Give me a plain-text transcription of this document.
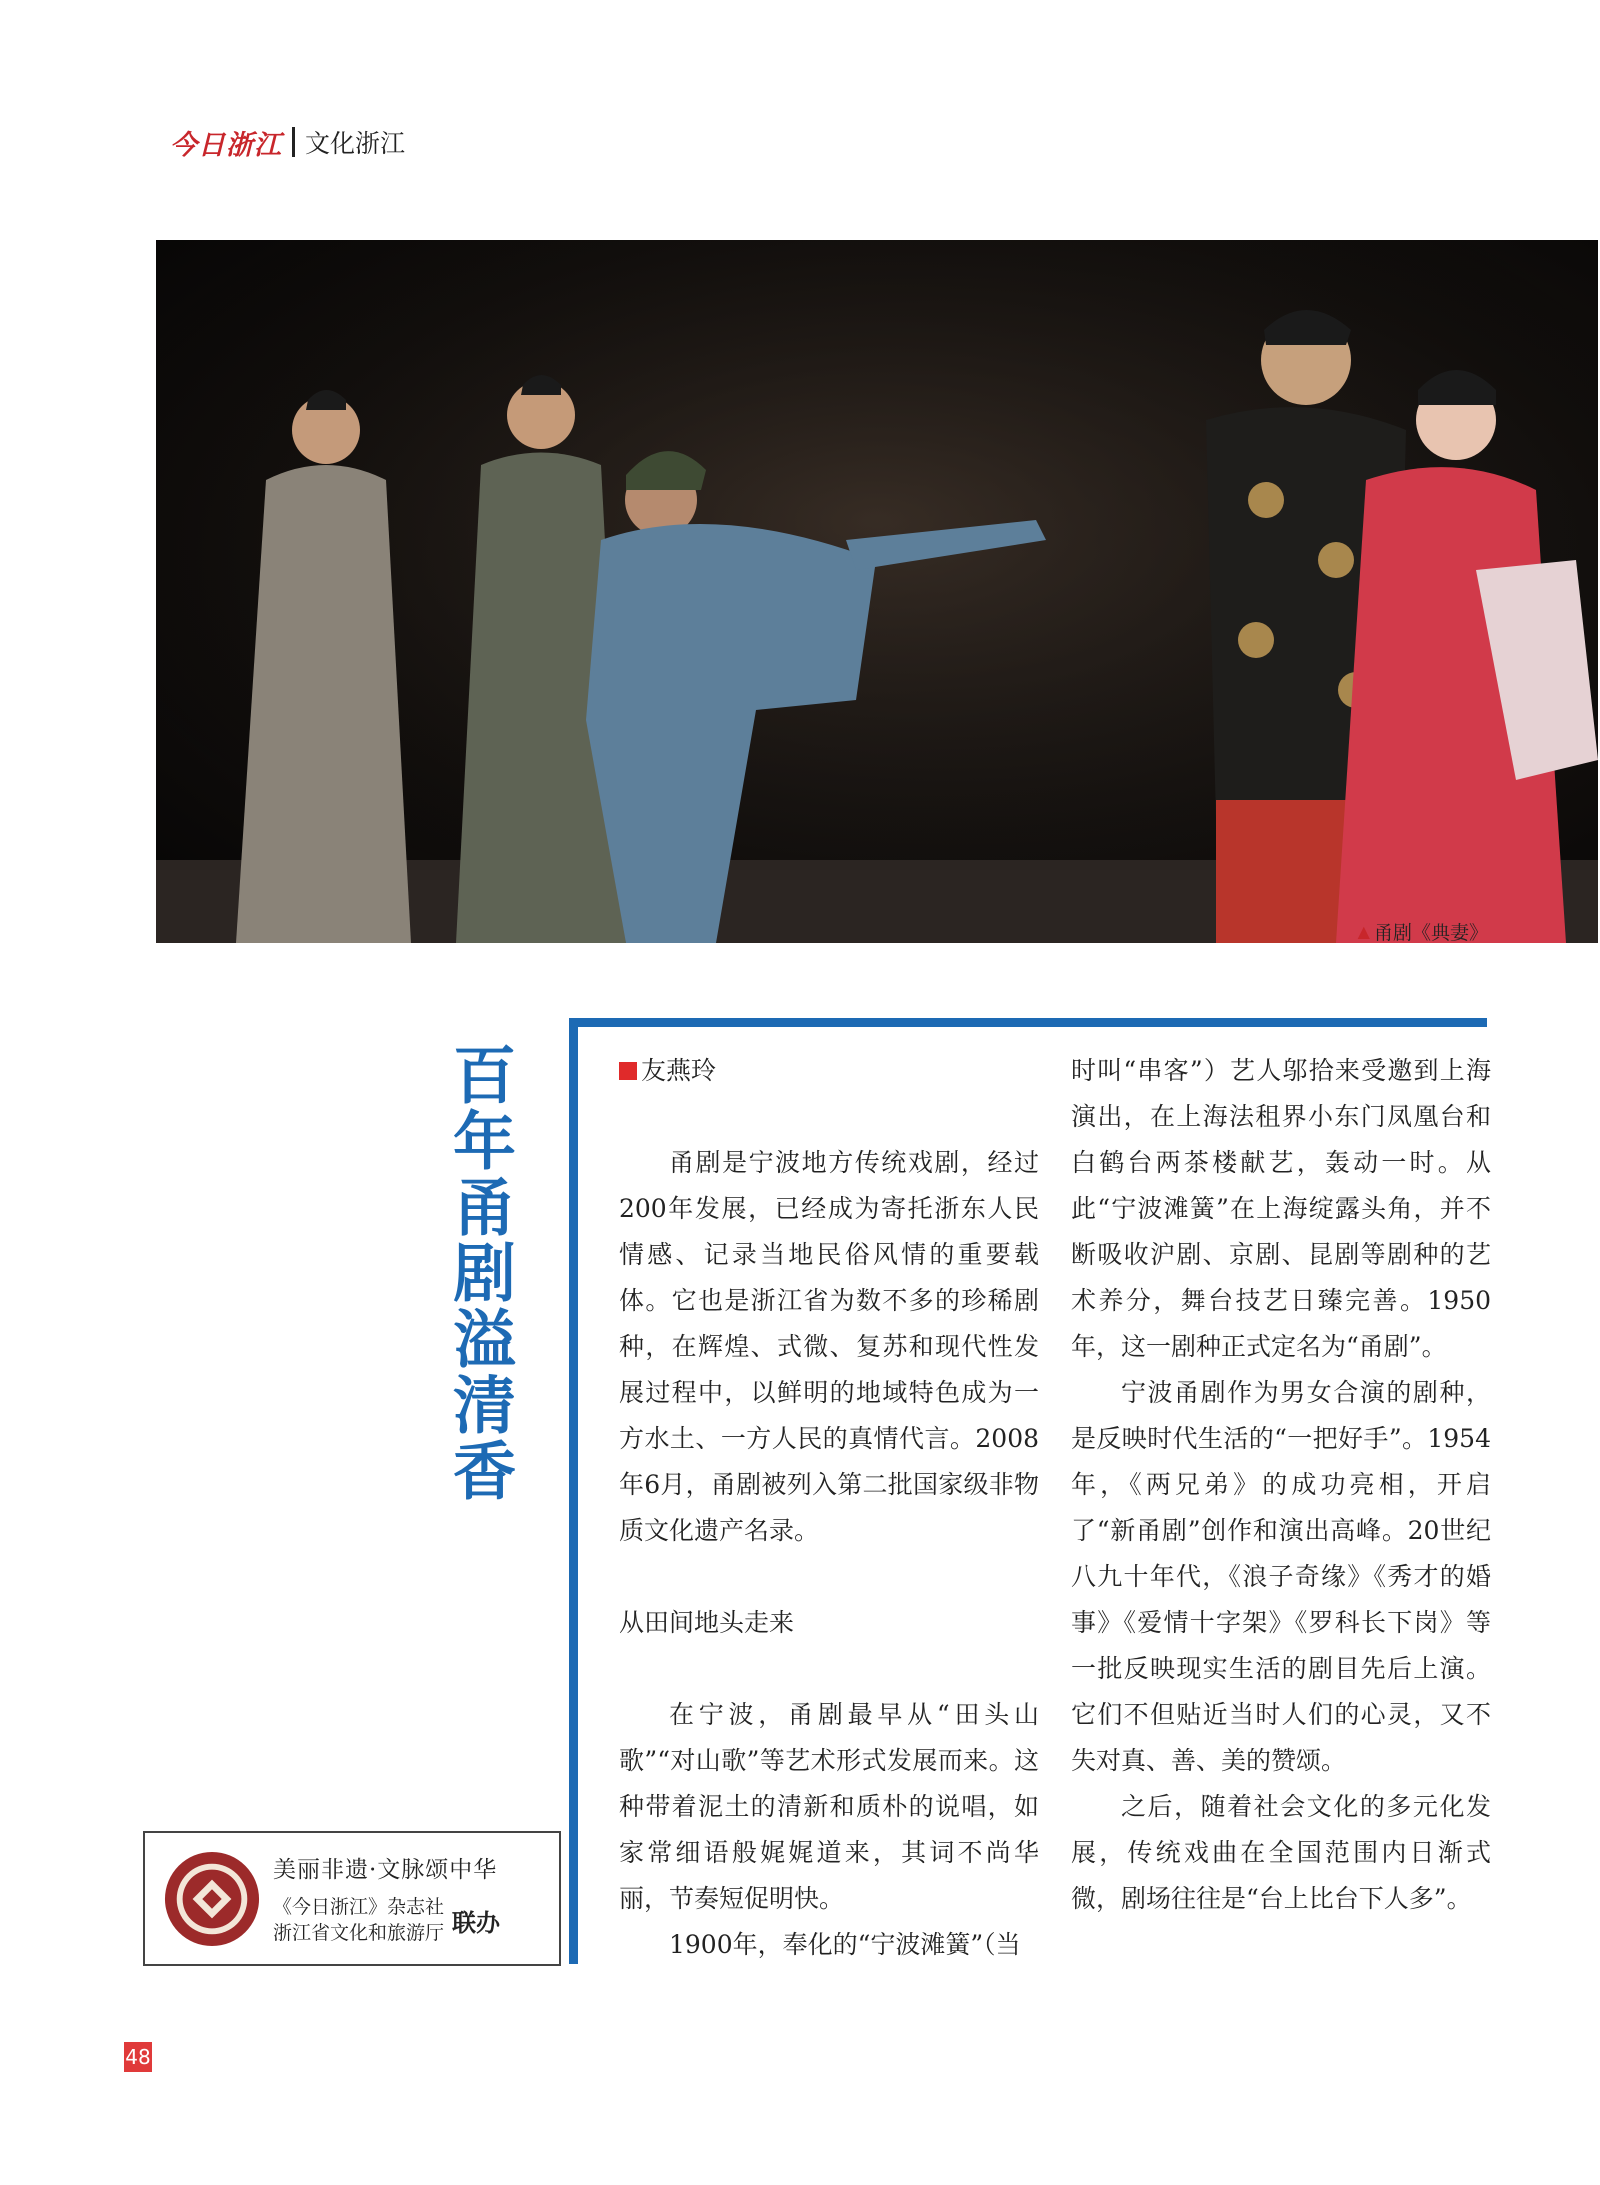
今日浙江 文化浙江
▲ 甬剧《典妻》
百年甬剧溢清香	友燕玲

甬剧是宁波地方传统戏剧，经过200年发展，已经成为寄托浙东人民情感、记录当地民俗风情的重要载体。它也是浙江省为数不多的珍稀剧种，在辉煌、式微、复苏和现代性发展过程中，以鲜明的地域特色成为一方水土、一方人民的真情代言。2008年6月，甬剧被列入第二批国家级非物质文化遗产名录。

从田间地头走来

在宁波，甬剧最早从“田头山歌”“对山歌”等艺术形式发展而来。这种带着泥土的清新和质朴的说唱，如家常细语般娓娓道来，其词不尚华丽，节奏短促明快。

1900年，奉化的“宁波滩簧”（当

时叫“串客”）艺人邬拾来受邀到上海演出，在上海法租界小东门凤凰台和白鹤台两茶楼献艺，轰动一时。从此“宁波滩簧”在上海绽露头角，并不断吸收沪剧、京剧、昆剧等剧种的艺术养分，舞台技艺日臻完善。1950年，这一剧种正式定名为“甬剧”。

宁波甬剧作为男女合演的剧种，是反映时代生活的“一把好手”。1954年，《两兄弟》的成功亮相，开启了“新甬剧”创作和演出高峰。20世纪八九十年代，《浪子奇缘》《秀才的婚事》《爱情十字架》《罗科长下岗》等一批反映现实生活的剧目先后上演。它们不但贴近当时人们的心灵，又不失对真、善、美的赞颂。

之后，随着社会文化的多元化发展，传统戏曲在全国范围内日渐式微，剧场往往是“台上比台下人多”。

美丽非遗·文脉颂中华
《今日浙江》杂志社
浙江省文化和旅游厅 联办
48
